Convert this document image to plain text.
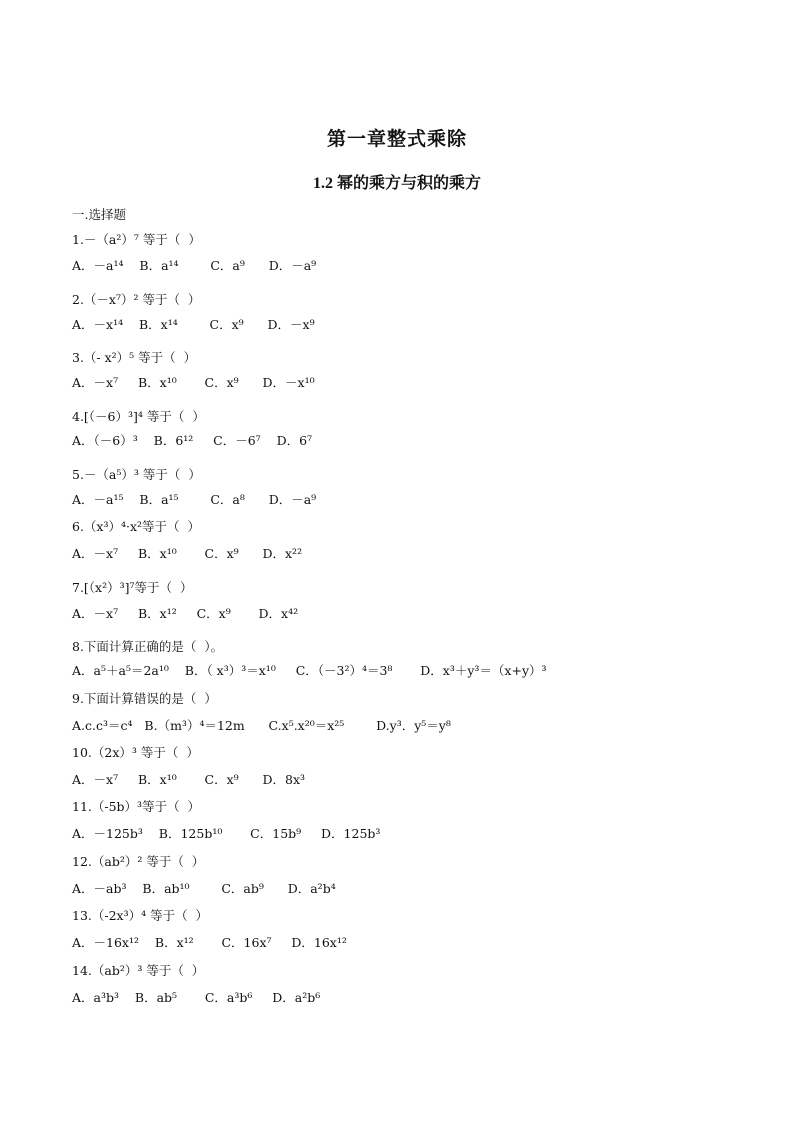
第一章整式乘除
1.2 幂的乘方与积的乘方
一.选择题
1.－（a²）⁷ 等于（  ）
A．－a¹⁴    B．a¹⁴        C．a⁹      D．－a⁹
2.（－x⁷）² 等于（  ）
A．－x¹⁴    B．x¹⁴        C．x⁹      D．－x⁹
3.（- x²）⁵ 等于（  ）
A．－x⁷     B．x¹⁰       C．x⁹      D．－x¹⁰
4.[（－6）³]⁴ 等于（  ）
A．（－6）³    B．6¹²     C．－6⁷    D．6⁷
5.－（a⁵）³ 等于（  ）
A．－a¹⁵    B．a¹⁵        C．a⁸      D．－a⁹
6.（x³）⁴·x²等于（  ）
A．－x⁷     B．x¹⁰       C．x⁹      D．x²²
7.[（x²）³]⁷等于（  ）
A．－x⁷     B．x¹²     C．x⁹       D．x⁴²
8.下面计算正确的是（  ）。
A．a⁵＋a⁵＝2a¹⁰    B．（ x³）³＝x¹⁰     C．（－3²）⁴＝3⁸       D．x³＋y³＝（x+y）³
9.下面计算错误的是（  ）
A.c.c³＝c⁴   B.（m³）⁴＝12m      C.x⁵.x²⁰＝x²⁵        D.y³．y⁵＝y⁸
10.（2x）³ 等于（  ）
A．－x⁷     B．x¹⁰       C．x⁹      D．8x³
11.（-5b）³等于（  ）
A．－125b³    B．125b¹⁰       C．15b⁹     D．125b³
12.（ab²）² 等于（  ）
A．－ab³    B．ab¹⁰        C．ab⁹      D．a²b⁴
13.（-2x³）⁴ 等于（  ）
A．－16x¹²    B．x¹²       C．16x⁷     D．16x¹²
14.（ab²）³ 等于（  ）
A．a³b³    B．ab⁵       C．a³b⁶     D．a²b⁶
